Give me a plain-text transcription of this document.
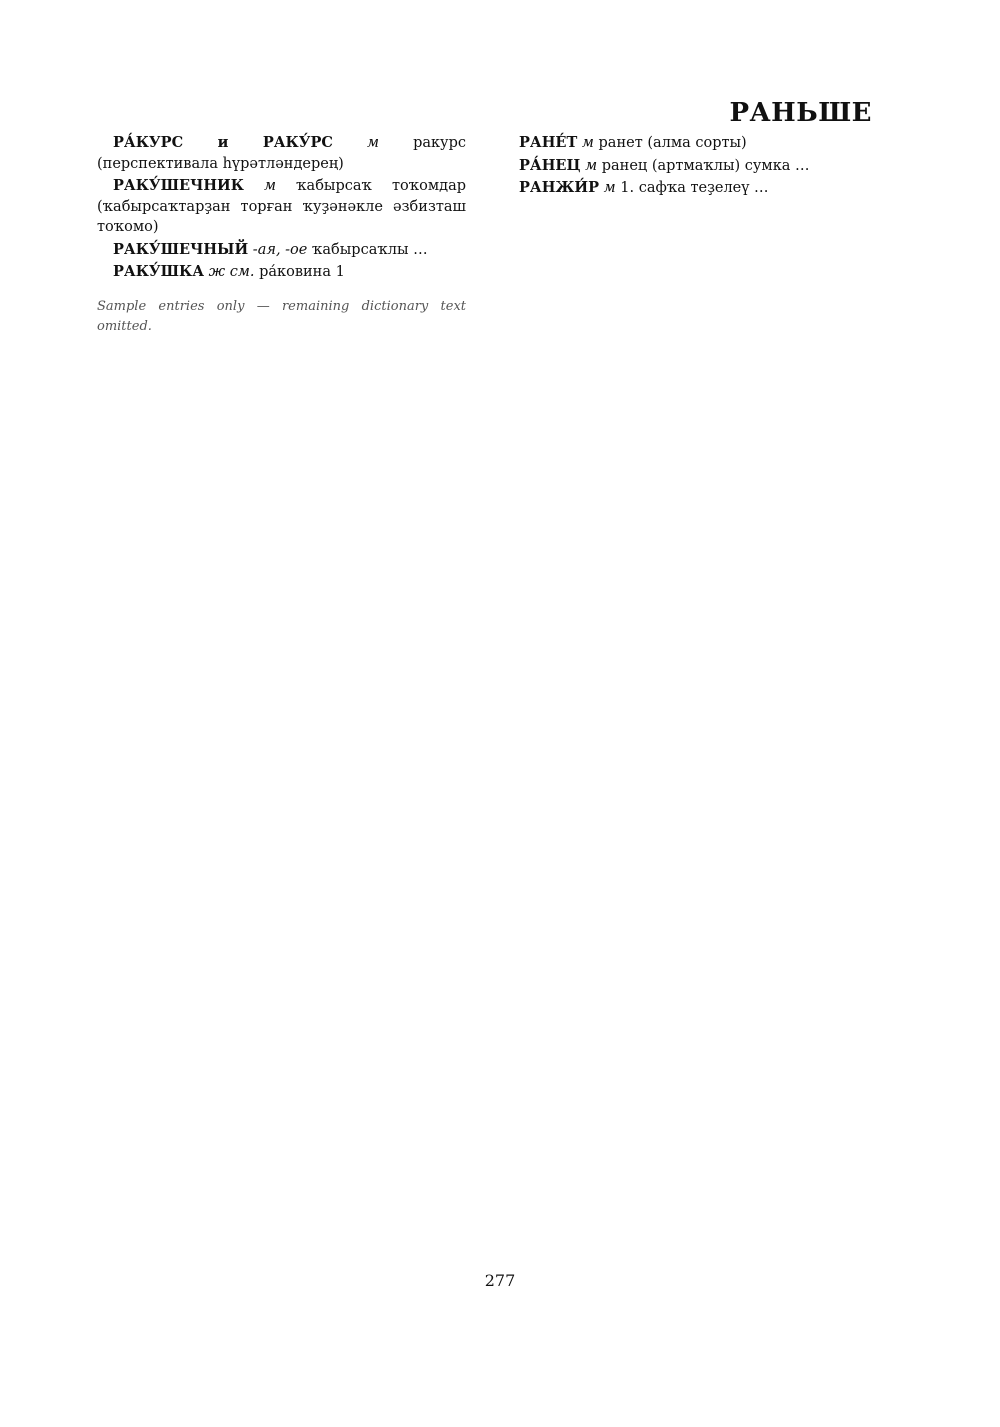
РАНЬШЕ

РА́КУРС и РАКУ́РС м ракурс (перспективала һүрәтләндерең)

РАКУ́ШЕЧНИК м ҡабырсаҡ тоҡомдар (ҡабырсаҡтарҙан торған ҡуҙәнәкле әзбизташ тоҡомо)

РАКУ́ШЕЧНЫЙ -ая, -ое ҡабырсаҡлы …

РАКУ́ШКА ж см. ра́ковина 1

Sample entries only — remaining dictionary text omitted.

РАНЕ́Т м ранет (алма сорты)

РА́НЕЦ м ранец (артмаҡлы) сумка …

РАНЖИ́Р м 1. сафҡа теҙелеү …

277
